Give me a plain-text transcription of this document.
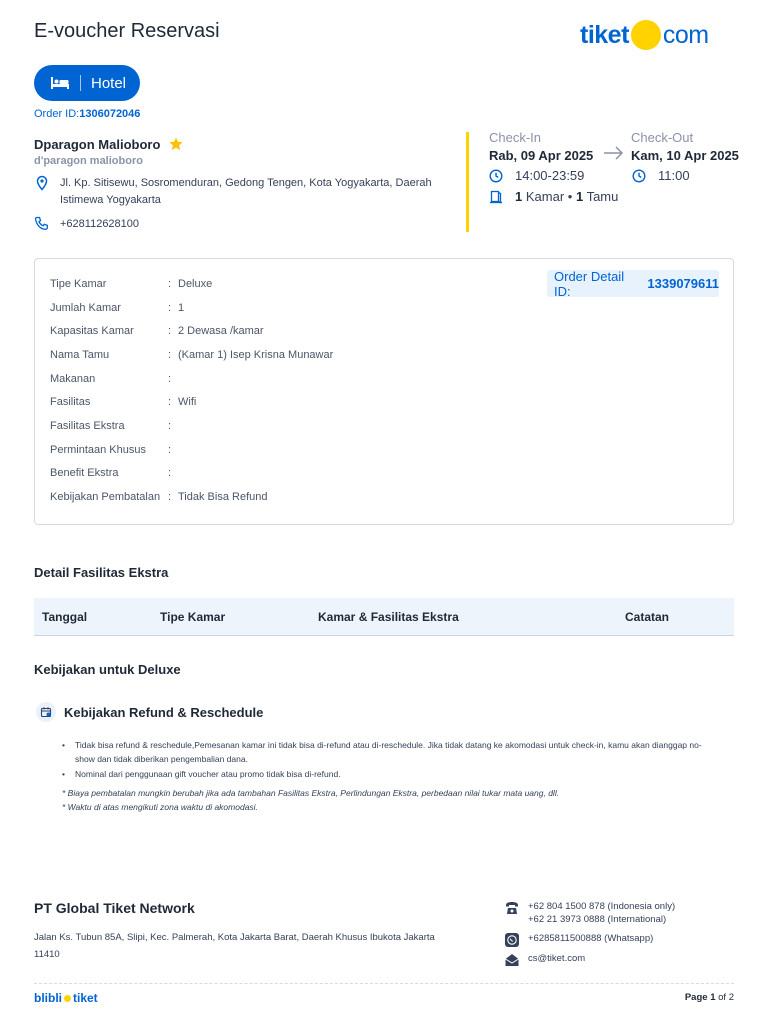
E-voucher Reservasi	tiket com
Hotel
Order ID:1306072046
Dparagon Malioboro
d'paragon malioboro
Jl. Kp. Sitisewu, Sosromenduran, Gedong Tengen, Kota Yogyakarta, Daerah Istimewa Yogyakarta
+628112628100
Check-In
Rab, 09 Apr 2025
Check-Out
Kam, 10 Apr 2025
14:00-23:59	11:00
1 Kamar • 1 Tamu
Order Detail ID:	1339079611
Tipe Kamar	: Deluxe
Jumlah Kamar	: 1
Kapasitas Kamar	: 2 Dewasa /kamar
Nama Tamu	: (Kamar 1) Isep Krisna Munawar
Makanan	:
Fasilitas	: Wifi
Fasilitas Ekstra	:
Permintaan Khusus	:
Benefit Ekstra	:
Kebijakan Pembatalan : Tidak Bisa Refund
Detail Fasilitas Ekstra
Tanggal	Tipe Kamar	Kamar & Fasilitas Ekstra	Catatan
Kebijakan untuk Deluxe
Kebijakan Refund & Reschedule
• Tidak bisa refund & reschedule,Pemesanan kamar ini tidak bisa di-refund atau di-reschedule. Jika tidak datang ke akomodasi untuk check-in, kamu akan dianggap no-show dan tidak diberikan pengembalian dana.
• Nominal dari penggunaan gift voucher atau promo tidak bisa di-refund.
* Biaya pembatalan mungkin berubah jika ada tambahan Fasilitas Ekstra, Perlindungan Ekstra, perbedaan nilai tukar mata uang, dll.
* Waktu di atas mengikuti zona waktu di akomodasi.
PT Global Tiket Network
Jalan Ks. Tubun 85A, Slipi, Kec. Palmerah, Kota Jakarta Barat, Daerah Khusus Ibukota Jakarta 11410
+62 804 1500 878 (Indonesia only)
+62 21 3973 0888 (International)
+6285811500888 (Whatsapp)
cs@tiket.com
blibli tiket	Page 1 of 2
